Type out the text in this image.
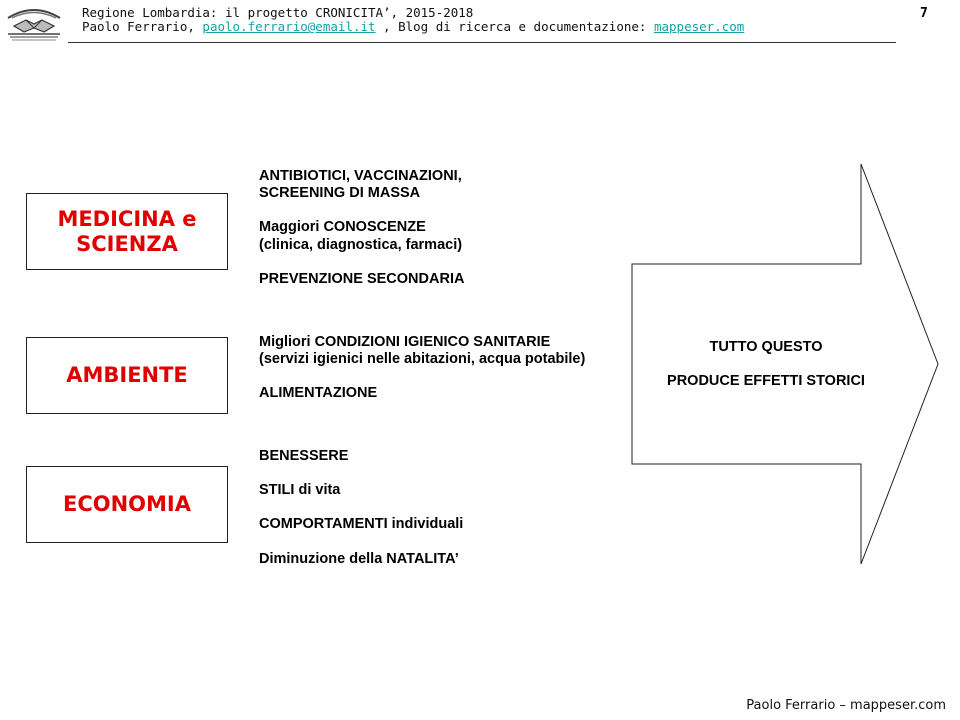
Regione Lombardia: il progetto CRONICITA’, 2015-2018
Paolo Ferrario, paolo.ferrario@email.it , Blog di ricerca e documentazione: mappeser.com
7
MEDICINA e
SCIENZA
AMBIENTE
ECONOMIA
ANTIBIOTICI, VACCINAZIONI,
SCREENING DI MASSA
Maggiori CONOSCENZE
(clinica, diagnostica, farmaci)
PREVENZIONE SECONDARIA
Migliori CONDIZIONI IGIENICO SANITARIE
(servizi igienici nelle abitazioni, acqua potabile)
ALIMENTAZIONE
BENESSERE
STILI di vita
COMPORTAMENTI individuali
Diminuzione della NATALITA’
TUTTO QUESTO
PRODUCE EFFETTI STORICI
Paolo Ferrario – mappeser.com
